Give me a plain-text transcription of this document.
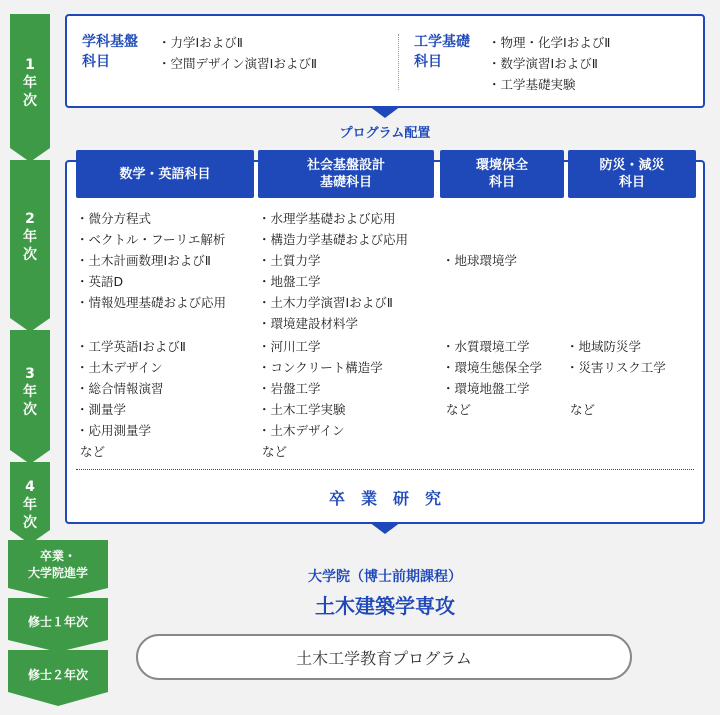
1
年
次
2
年
次
3
年
次
4
年
次
卒業・
大学院進学
修士１年次
修士２年次
学科基盤
科目
・ 力学ⅠおよびⅡ
・ 空間デザイン演習ⅠおよびⅡ
工学基礎
科目
・ 物理・化学ⅠおよびⅡ
・ 数学演習ⅠおよびⅡ
・ 工学基礎実験
プログラム配置
数学・英語科目
社会基盤設計
基礎科目
環境保全
科目
防災・減災
科目
・ 微分方程式
・ ベクトル・フーリエ解析
・ 土木計画数理ⅠおよびⅡ
・ 英語D
・ 情報処理基礎および応用
・ 水理学基礎および応用
・ 構造力学基礎および応用
・ 土質力学
・ 地盤工学
・ 土木力学演習ⅠおよびⅡ
・ 環境建設材料学
・ 地球環境学
・ 工学英語ⅠおよびⅡ
・ 土木デザイン
・ 総合情報演習
・ 測量学
・ 応用測量学
など
・ 河川工学
・ コンクリート構造学
・ 岩盤工学
・ 土木工学実験
・ 土木デザイン
など
・ 水質環境工学
・ 環境生態保全学
・ 環境地盤工学
など
・ 地域防災学
・ 災害リスク工学

など
卒　業　研　究
大学院（博士前期課程）
土木建築学専攻
土木工学教育プログラム
